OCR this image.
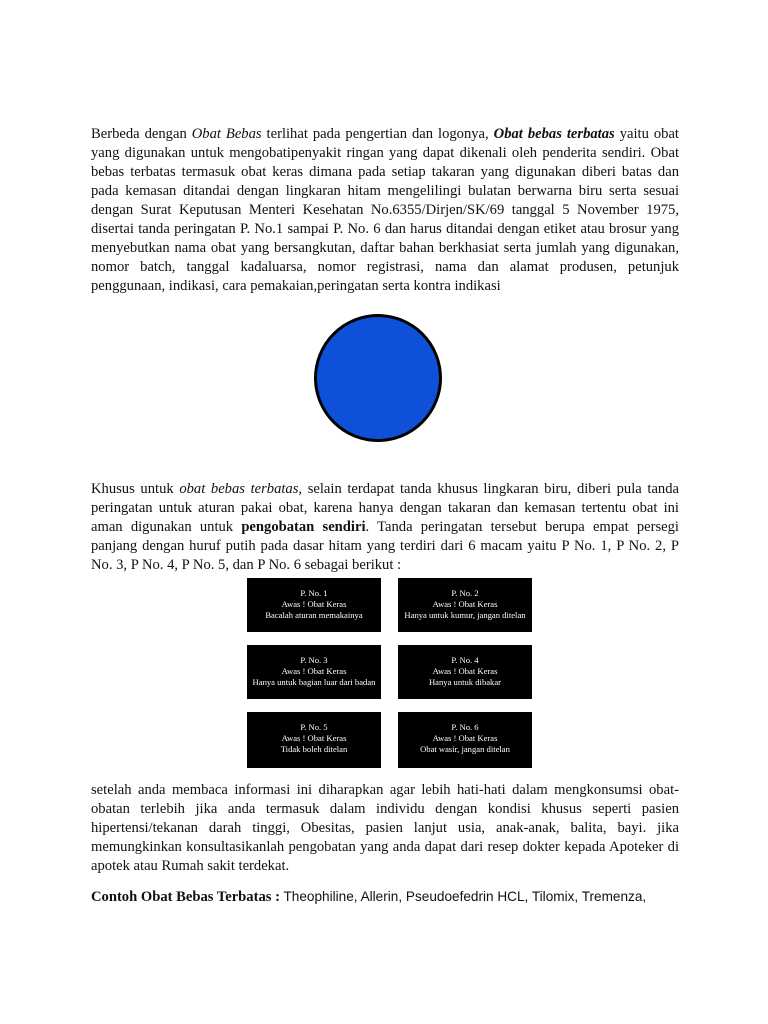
Berbeda dengan Obat Bebas terlihat pada pengertian dan logonya, Obat bebas terbatas yaitu obat yang digunakan untuk mengobatipenyakit ringan yang dapat dikenali oleh penderita sendiri. Obat bebas terbatas termasuk obat keras dimana pada setiap takaran yang digunakan diberi batas dan pada kemasan ditandai dengan lingkaran hitam mengelilingi bulatan berwarna biru serta sesuai dengan Surat Keputusan Menteri Kesehatan No.6355/Dirjen/SK/69 tanggal 5 November 1975, disertai tanda peringatan P. No.1 sampai P. No. 6 dan harus ditandai dengan etiket atau brosur yang menyebutkan nama obat yang bersangkutan, daftar bahan berkhasiat serta jumlah yang digunakan, nomor batch, tanggal kadaluarsa, nomor registrasi, nama dan alamat produsen, petunjuk penggunaan, indikasi, cara pemakaian,peringatan serta kontra indikasi

Khusus untuk obat bebas terbatas, selain terdapat tanda khusus lingkaran biru, diberi pula tanda peringatan untuk aturan pakai obat, karena hanya dengan takaran dan kemasan tertentu obat ini aman digunakan untuk pengobatan sendiri. Tanda peringatan tersebut berupa empat persegi panjang dengan huruf putih pada dasar hitam yang terdiri dari 6 macam yaitu P No. 1, P No. 2, P No. 3, P No. 4, P No. 5, dan P No. 6 sebagai berikut :

P. No. 1
Awas ! Obat Keras
Bacalah aturan memakainya
P. No. 2
Awas ! Obat Keras
Hanya untuk kumur, jangan ditelan
P. No. 3
Awas ! Obat Keras
Hanya untuk bagian luar dari badan
P. No. 4
Awas ! Obat Keras
Hanya untuk dibakar
P. No. 5
Awas ! Obat Keras
Tidak boleh ditelan
P. No. 6
Awas ! Obat Keras
Obat wasir, jangan ditelan

setelah anda membaca informasi ini diharapkan agar lebih hati-hati dalam mengkonsumsi obat-obatan terlebih jika anda termasuk dalam individu dengan kondisi khusus seperti pasien hipertensi/tekanan darah tinggi, Obesitas, pasien lanjut usia, anak-anak, balita, bayi. jika memungkinkan konsultasikanlah pengobatan yang anda dapat dari resep dokter kepada Apoteker di apotek atau Rumah sakit terdekat.

Contoh Obat Bebas Terbatas : Theophiline, Allerin, Pseudoefedrin HCL, Tilomix, Tremenza,
